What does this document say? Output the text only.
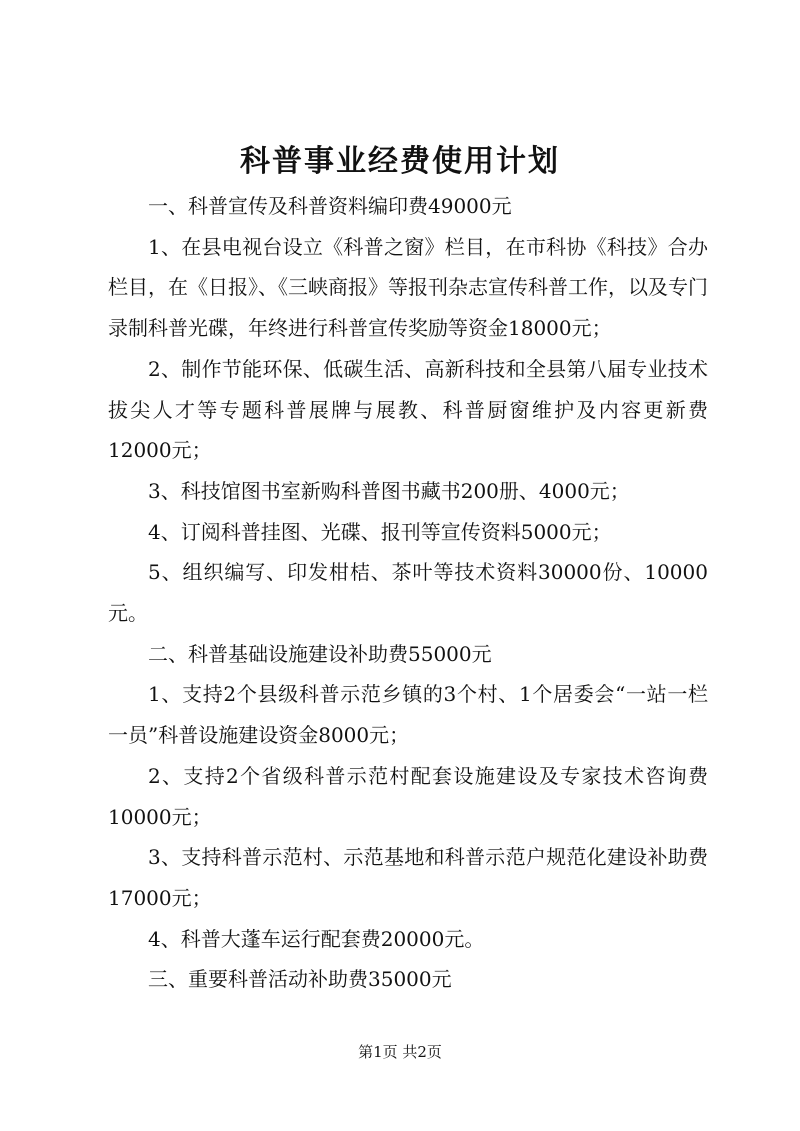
科普事业经费使用计划

一、科普宣传及科普资料编印费49000元

1、在县电视台设立《科普之窗》栏目，在市科协《科技》合办栏目，在《日报》、《三峡商报》等报刊杂志宣传科普工作，以及专门录制科普光碟，年终进行科普宣传奖励等资金18000元；

2、制作节能环保、低碳生活、高新科技和全县第八届专业技术拔尖人才等专题科普展牌与展教、科普厨窗维护及内容更新费12000元；

3、科技馆图书室新购科普图书藏书200册、4000元；

4、订阅科普挂图、光碟、报刊等宣传资料5000元；

5、组织编写、印发柑桔、茶叶等技术资料30000份、10000元。

二、科普基础设施建设补助费55000元

1、支持2个县级科普示范乡镇的3个村、1个居委会“一站一栏一员”科普设施建设资金8000元；

2、支持2个省级科普示范村配套设施建设及专家技术咨询费10000元；

3、支持科普示范村、示范基地和科普示范户规范化建设补助费17000元；

4、科普大蓬车运行配套费20000元。

三、重要科普活动补助费35000元

第1页 共2页
